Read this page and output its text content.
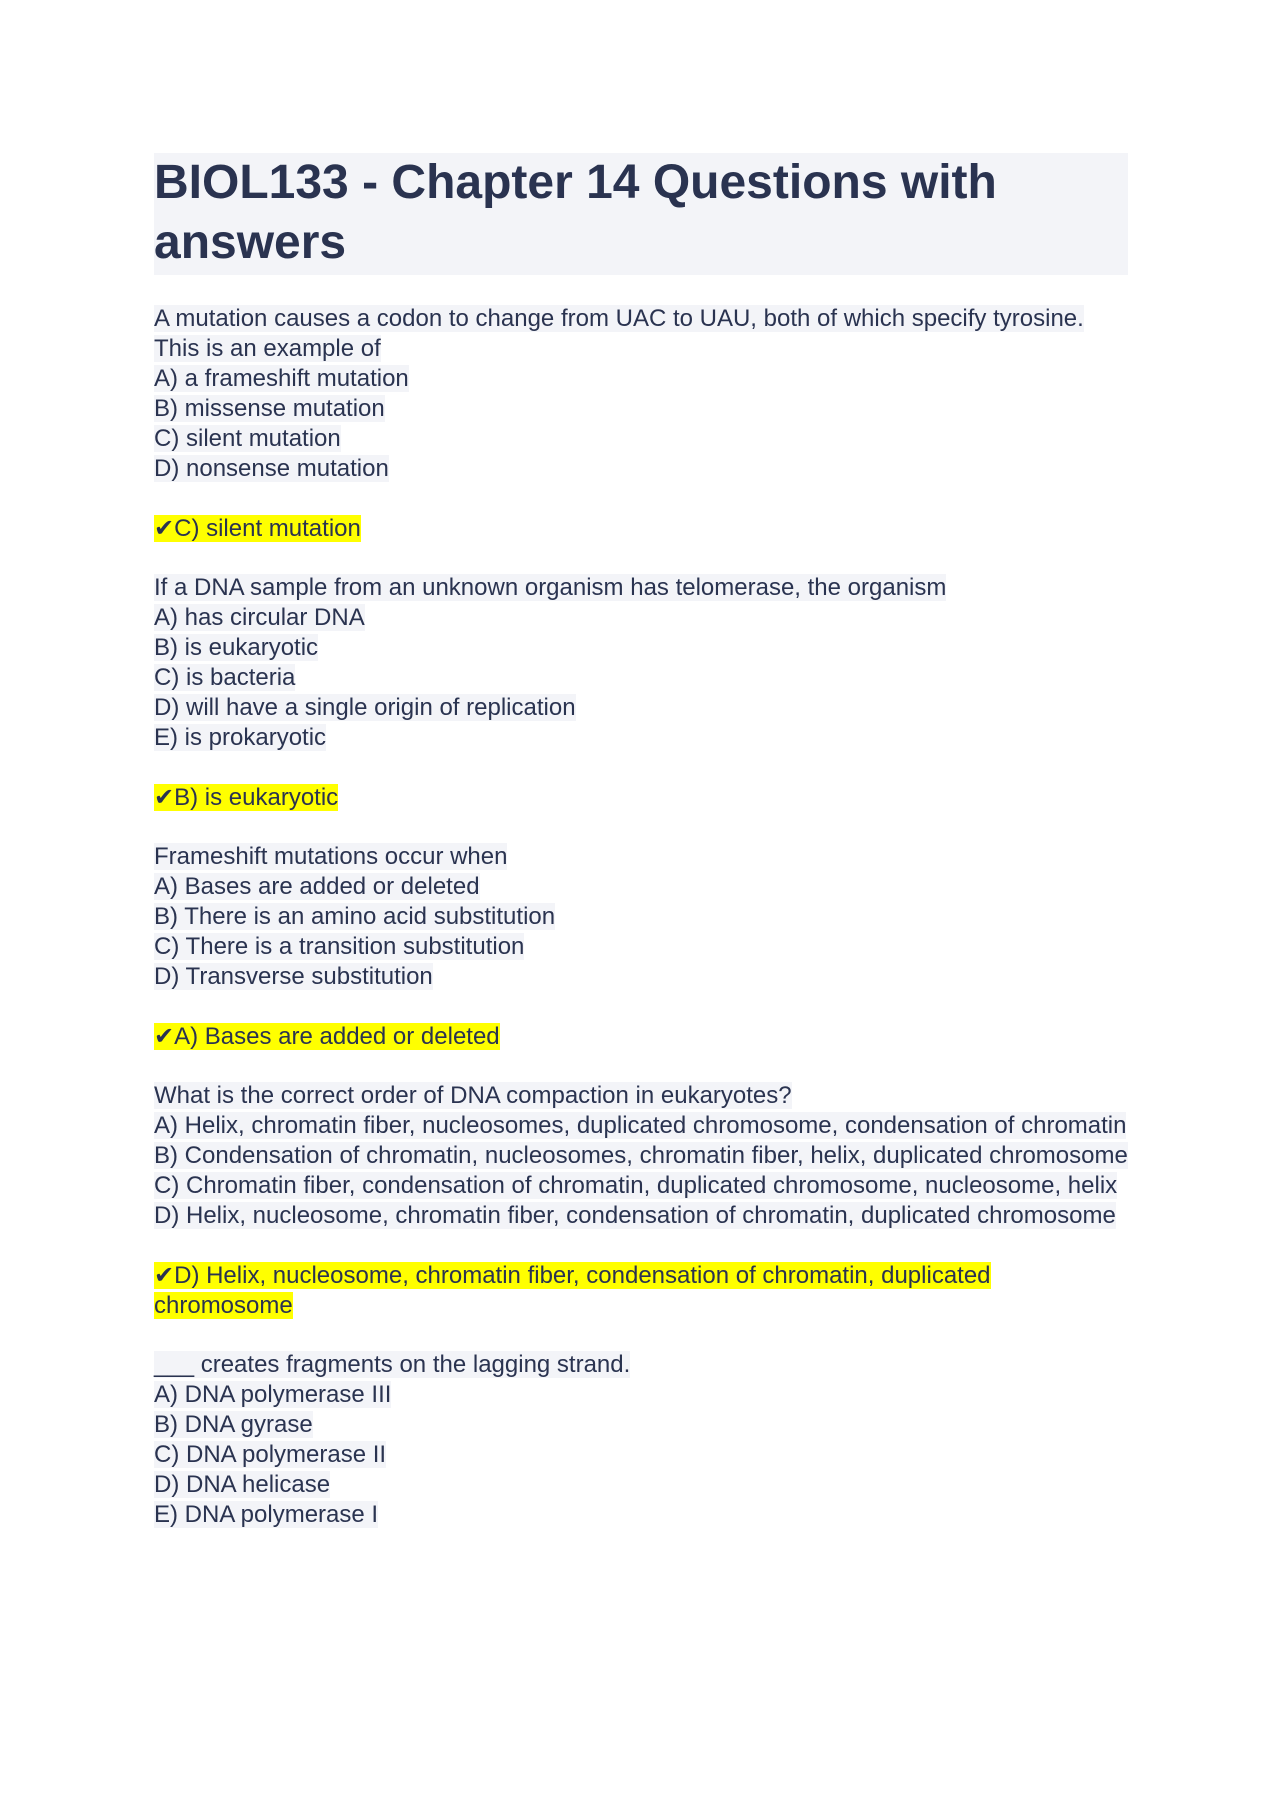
BIOL133 - Chapter 14 Questions with answers
A mutation causes a codon to change from UAC to UAU, both of which specify tyrosine. This is an example of
A) a frameshift mutation
B) missense mutation
C) silent mutation
D) nonsense mutation
✔C) silent mutation
If a DNA sample from an unknown organism has telomerase, the organism
A) has circular DNA
B) is eukaryotic
C) is bacteria
D) will have a single origin of replication
E) is prokaryotic
✔B) is eukaryotic
Frameshift mutations occur when
A) Bases are added or deleted
B) There is an amino acid substitution
C) There is a transition substitution
D) Transverse substitution
✔A) Bases are added or deleted
What is the correct order of DNA compaction in eukaryotes?
A) Helix, chromatin fiber, nucleosomes, duplicated chromosome, condensation of chromatin
B) Condensation of chromatin, nucleosomes, chromatin fiber, helix, duplicated chromosome
C) Chromatin fiber, condensation of chromatin, duplicated chromosome, nucleosome, helix
D) Helix, nucleosome, chromatin fiber, condensation of chromatin, duplicated chromosome
✔D) Helix, nucleosome, chromatin fiber, condensation of chromatin, duplicated chromosome
___ creates fragments on the lagging strand.
A) DNA polymerase III
B) DNA gyrase
C) DNA polymerase II
D) DNA helicase
E) DNA polymerase I
